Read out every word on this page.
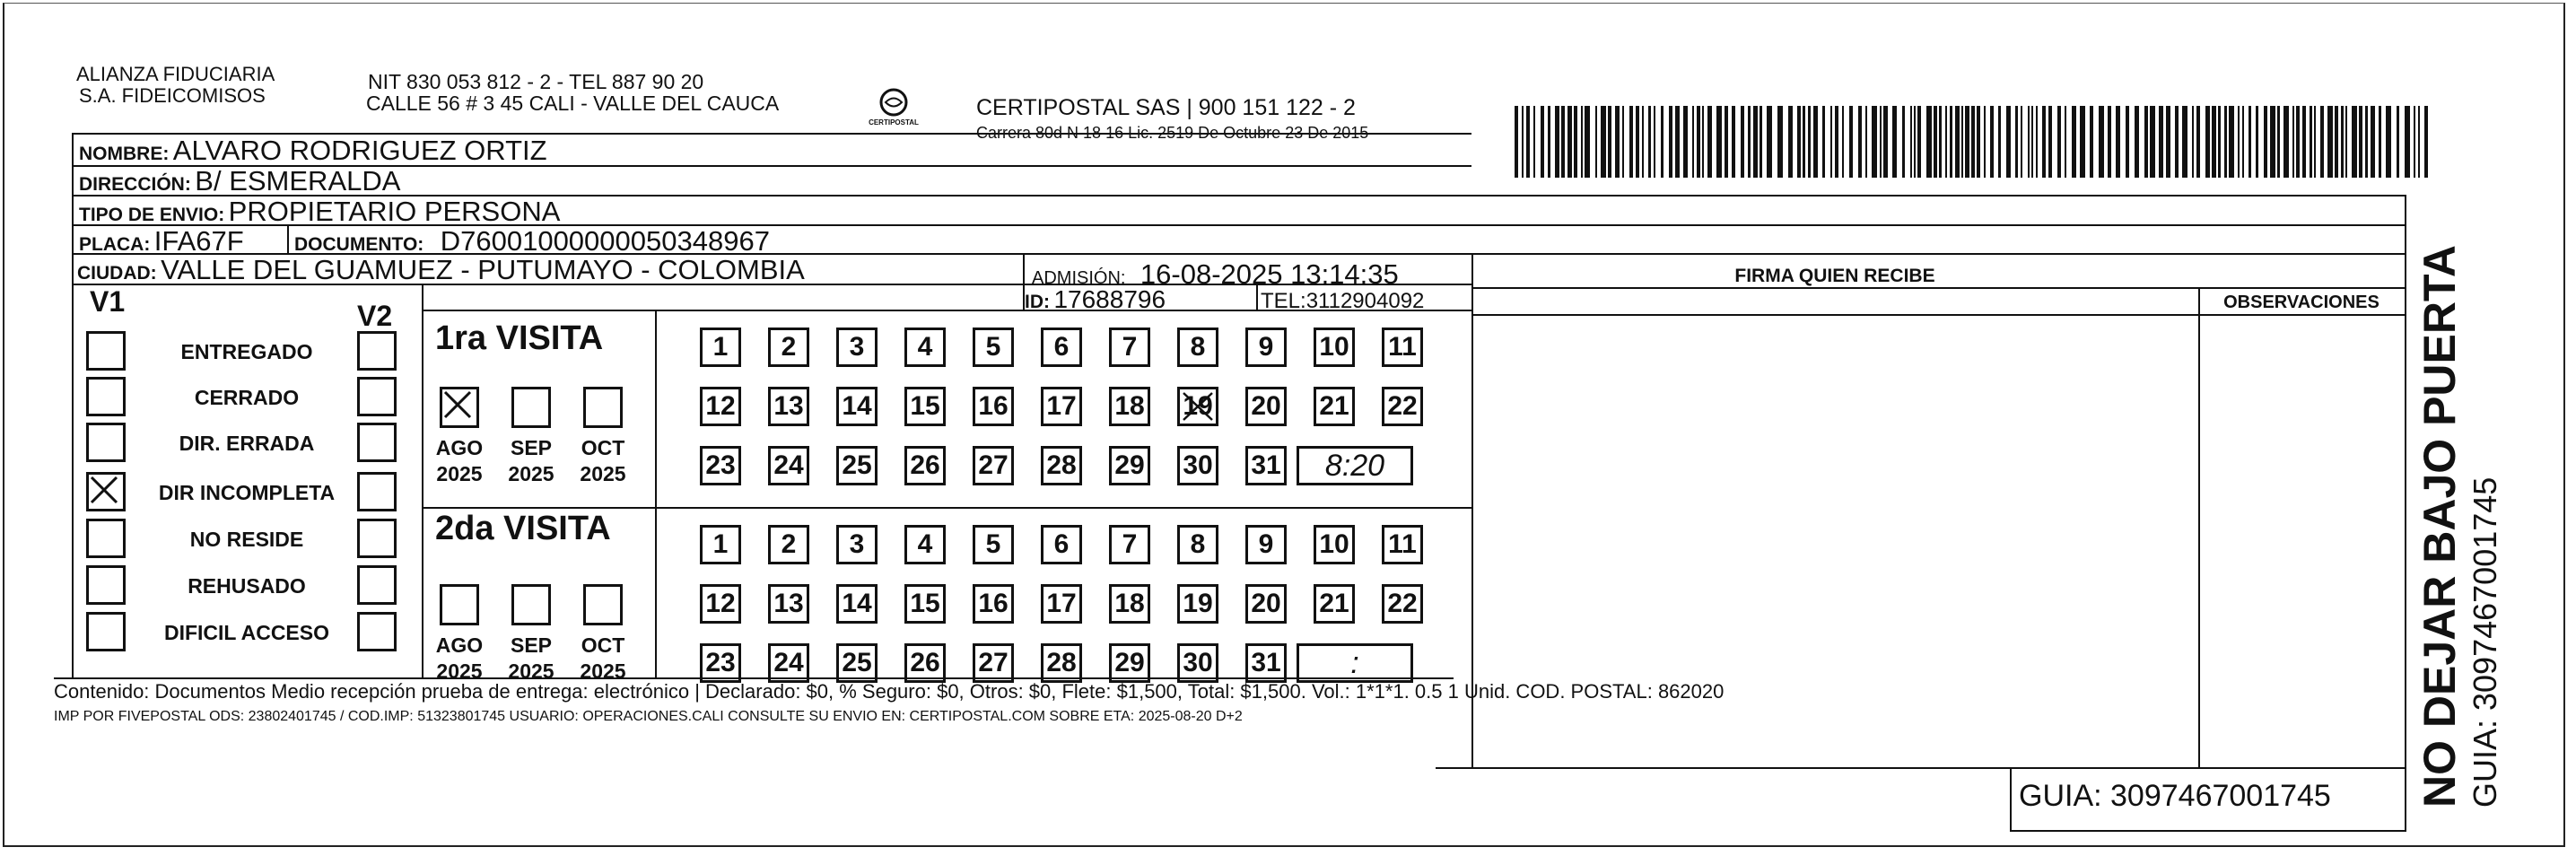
ALIANZA FIDUCIARIA
S.A. FIDEICOMISOS
NIT 830 053 812 - 2 - TEL 887 90 20
CALLE 56 # 3 45 CALI - VALLE DEL CAUCA
CERTIPOSTAL
CERTIPOSTAL SAS | 900 151 122 - 2
Carrera 80d N 18 16 Lic. 2519 De Octubre 23 De 2015
NOMBRE: ALVARO RODRIGUEZ ORTIZ
DIRECCIÓN: B/ ESMERALDA
TIPO DE ENVIO: PROPIETARIO PERSONA
PLACA: IFA67F	DOCUMENTO: D76001000000050348967
CIUDAD: VALLE DEL GUAMUEZ - PUTUMAYO - COLOMBIA	ADMISIÓN: 16-08-2025 13:14:35
ID: 17688796	TEL:3112904092
FIRMA QUIEN RECIBE
OBSERVACIONES
V1	V2
ENTREGADO
CERRADO
DIR. ERRADA
DIR INCOMPLETA
NO RESIDE
REHUSADO
DIFICIL ACCESO
1ra VISITA
2da VISITA
AGO
2025
SEP
2025
OCT
2025
1	2	3	4	5	6	7	8	9	10 11
12 13 14 15 16 17 18 19 20 21 22
23 24 25 26 27 28 29 30 31	8:20
AGO
2025
SEP
2025
OCT
2025
1	2	3	4	5	6	7	8	9	10 11
12 13 14 15 16 17 18 19 20 21 22
23 24 25 26 27 28 29 30 31	:
Contenido: Documentos Medio recepción prueba de entrega: electrónico | Declarado: $0, % Seguro: $0, Otros: $0, Flete: $1,500, Total: $1,500. Vol.: 1*1*1. 0.5 1 Unid. COD. POSTAL: 862020
IMP POR FIVEPOSTAL ODS: 23802401745 / COD.IMP: 51323801745 USUARIO: OPERACIONES.CALI CONSULTE SU ENVIO EN: CERTIPOSTAL.COM SOBRE ETA: 2025-08-20 D+2
GUIA: 3097467001745 NO DEJAR BAJO PUERTA GUIA: 3097467001745
